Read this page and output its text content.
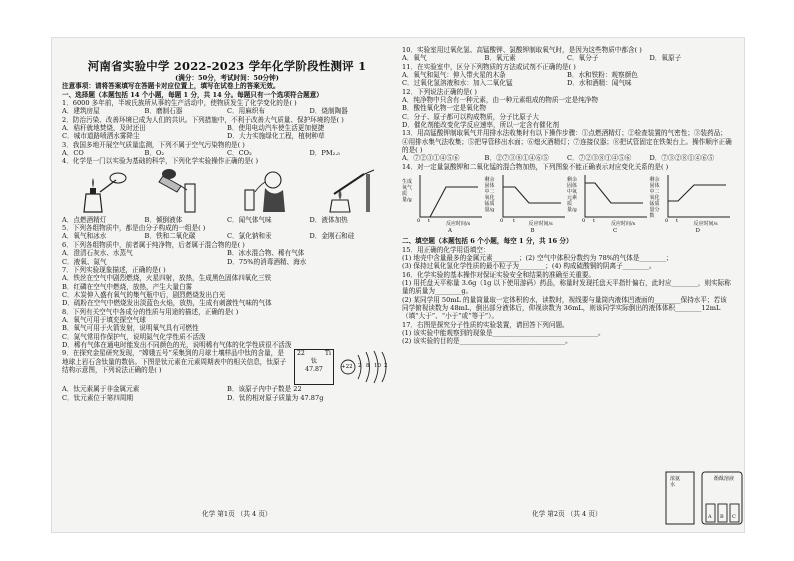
河南省实验中学 2022-2023 学年化学阶段性测评 1
(满分：50分，考试时间：50分钟)
注意事项：请将答案填写在答题卡对应位置上，填写在试卷上的答案无效。
一、选择题（本题包括 14 个小题，每题 1 分，共 14 分。每题只有一个选项符合题意）
1．6000 多年前，半坡氏族所从事的生产活动中，使物质发生了化学变化的是( )
A．建筑房屋	B．磨制石器	C．用麻织布	D．烧制陶器
2．防治污染、改善环境已成为人们的共识。下列措施中，不利于改善大气质量、保护环境的是( )
A．秸秆就地焚烧，及时还田	B．使用电动汽车使生活更加便捷
C．城市道路喷洒水雾降尘	D．大力实施绿化工程，植树种草
3．我国多地开展空气质量监测，下列不属于空气污染物的是( )
A．CO	B．O₂	C．CO₂	D．PM₂.₅
4．化学是一门以实验为基础的科学，下列化学实验操作正确的是( )
A．点燃酒精灯	B．倾倒液体	C．闻气体气味	D．液体加热
5．下列各组物质中，都是由分子构成的一组是( )
A．氧气和冰水	B．铁和二氧化碳	C．氯化钠和汞	D．金刚石和硅
6．下列各组物质中，前者属于纯净物，后者属于混合物的是( )
A．澄清石灰水、水蒸气	B．冰水混合物、稀有气体
C．液氧、氮气	D．75%的消毒酒精、海水
7．下列实验现象描述，正确的是( )
A．铁丝在空气中剧烈燃烧，火星四射，放热，生成黑色固体四氧化三铁
B．红磷在空气中燃烧，放热，产生大量白雾
C．木炭伸入盛有氧气的集气瓶中后，剧烈燃烧发出白光
D．硫粉在空气中燃烧发出淡蓝色火焰，放热，生成有刺激性气味的气体
8．下列有关空气中各成分的性质与用途的描述，正确的是( )
A．氧气可用于填充探空气球
B．氧气可用于火箭发射，说明氧气具有可燃性
C．氮气常用作保护气，说明氮气化学性质不活泼
D．稀有气体在通电时能发出不同颜色的光，说明稀有气体的化学性质很不活泼
9．在探究金星研究发现，“嫦娥五号”采集到的月球土壤样品中钛的含量，是地球上岩石含钛量的数倍。下图是钛元素在元素周期表中的相关信息，钛原子结构示意图，下列说法正确的是( )
22	Ti
钛
47.87	+22 2 8 10 2
A．钛元素属于非金属元素	B．该原子内中子数是 22
C．钛元素位于第四周期	D．钛的相对原子质量为 47.87g
化学 第1页 （共 4 页）
10．实验室用过氧化氢、高锰酸钾、氯酸钾制取氧气时，是因为这些物质中都含( )
A．氧气	B．氧元素	C．氧分子	D．氧原子
11．在实验室中，区分下列物质的方法或试剂不正确的是( )
A．氧气和氮气：伸入带火星的木条	B．水和铁粉：观察颜色
C．过氧化氢溶液和水：加入二氧化锰	D．水和酒精：闻气味
12．下列说法正确的是( )
A．纯净物中只含有一种元素，由一种元素组成的物质一定是纯净物
B．酸性氧化物一定是氧化物
C．分子、原子都可以构成物质，分子比原子大
D．催化剂能改变化学反应速率，所以一定含有催化剂
13．用高锰酸钾制取氧气并用排水法收集时有以下操作步骤：①点燃酒精灯；②检查装置的气密性；③装药品；④用排水集气法收集；⑤把导管移出水面；⑥熄灭酒精灯；⑦连接仪器；⑧把试管固定在铁架台上。操作顺序正确的是( )
A．⑦②③①④⑤⑥	B．②⑦③⑧①④⑥⑤	C．⑦②③⑧①④⑤⑥	D．⑦③②⑧①④⑥⑤
14．对一定量氯酸钾和二氧化锰的混合物加热，下列图象不能正确表示对应变化关系的是( )
生成氧气质量/g
0 t	反应时间/s
A
剩余固体中二氧化锰质量/g
0 t	反应时间/s
B
剩余固体中氧元素质量/g
0 t	反应时间/s
C
剩余固体中二氧化锰质量分数
0 t	反应时间/s
D
二、填空题（本题包括 6 个小题，每空 1 分，共 16 分）
15．用正确的化学用语填空：
(1) 地壳中含量最多的金属元素________；(2) 空气中体积分数约为 78%的气体是________；
(3) 保持过氧化氢化学性质的最小粒子为________；(4) 构成硫酸铜的阴离子________。
16．化学实验的基本操作对保证实验安全和结果的准确至关重要。
(1) 用托盘天平称量 3.6g（1g 以下使用游码）药品，称量时发现托盘天平指针偏右，此时应________，则实际称量的质量为________g。
(2) 某同学用 50mL 的量筒量取一定体积的水，读数时，视线要与量筒内液体凹液面的________保持水平；若该同学俯视读数为 48mL，倒出部分液体后，仰视读数为 36mL，则该同学实际倒出的液体体积________12mL（填“大于”、“小于”或“等于”）。
17．右图是探究分子性质的实验装置，请回答下列问题。
(1) 该实验中能观察到的现象是________________________________。
(2) 该实验的目的是________________________________。
化学 第2页 （共 4 页）
浓氨水
酚酞溶液
A B C
